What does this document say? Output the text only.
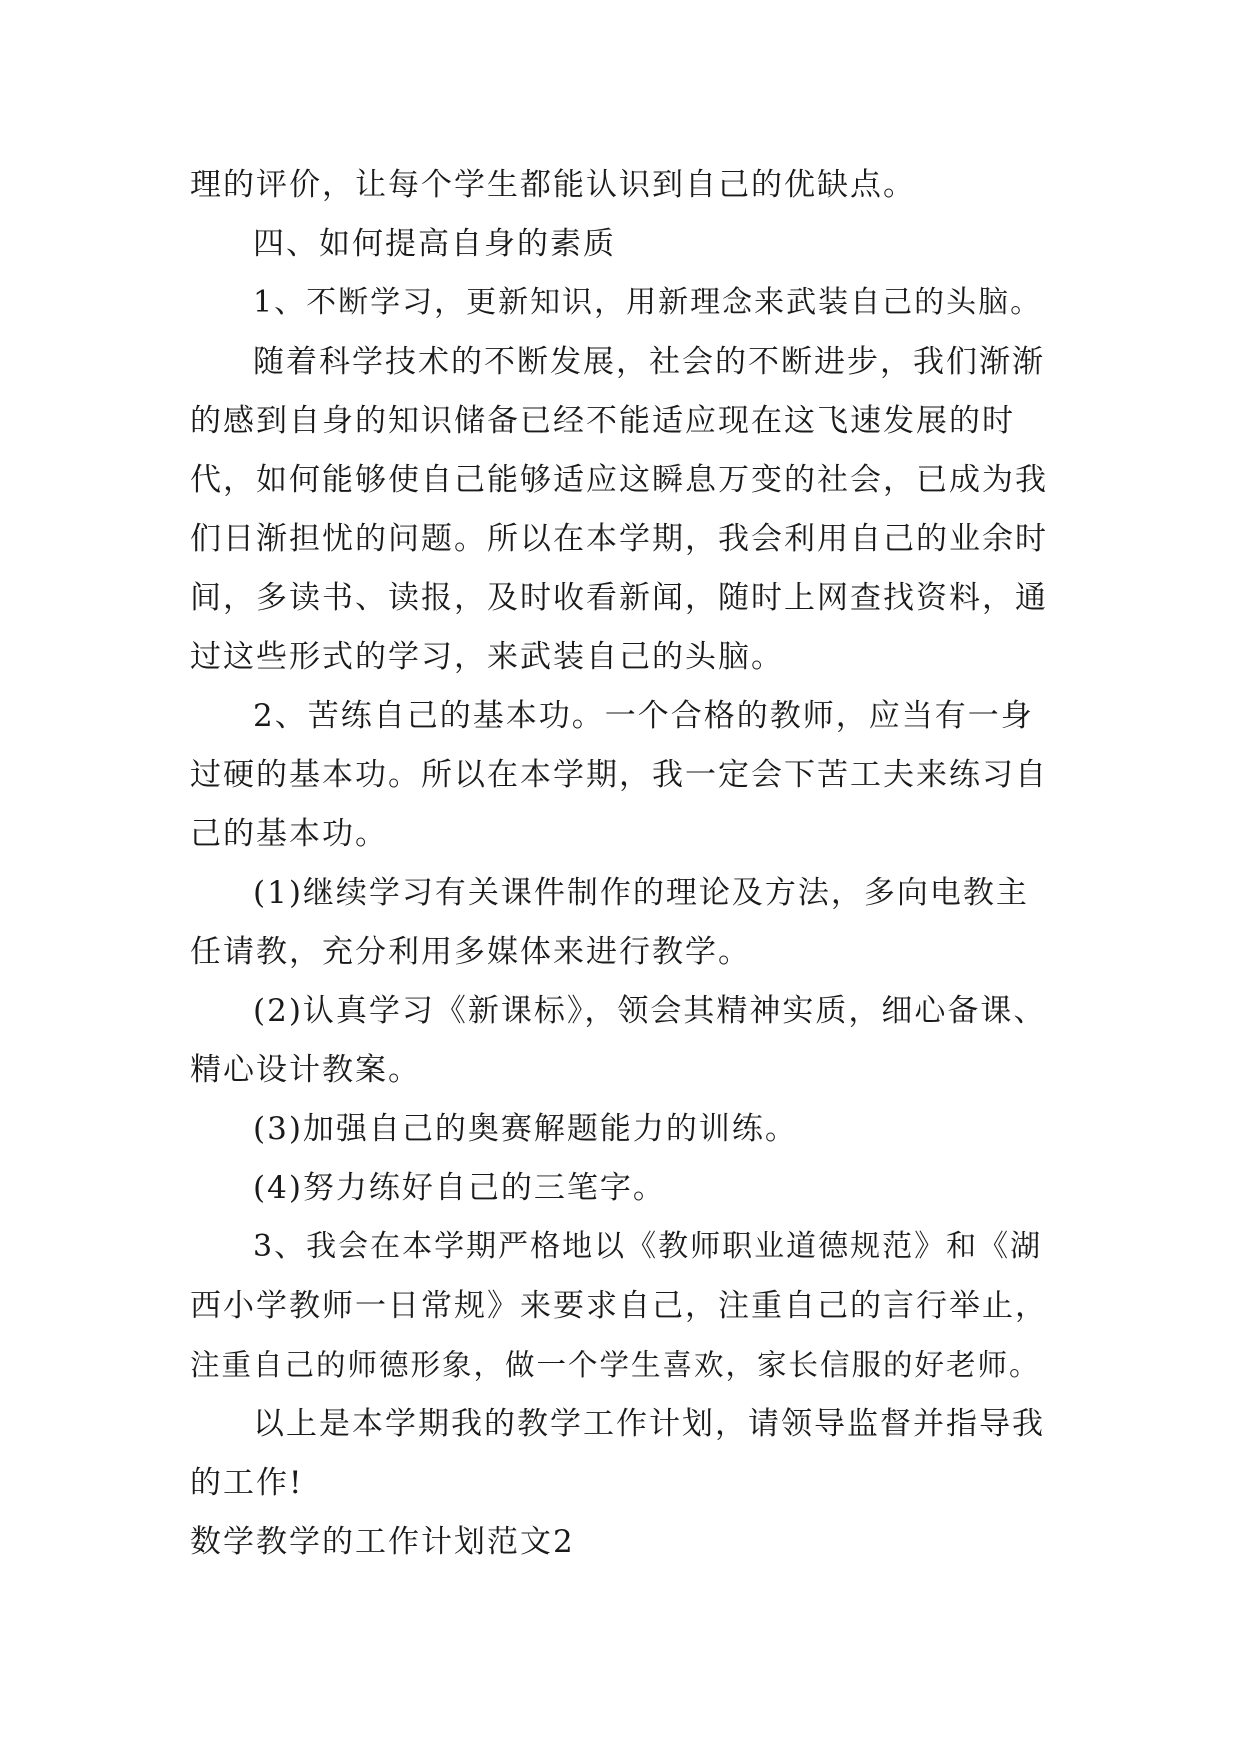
理的评价，让每个学生都能认识到自己的优缺点。
四、如何提高自身的素质
1、不断学习，更新知识，用新理念来武装自己的头脑。
随着科学技术的不断发展，社会的不断进步，我们渐渐
的感到自身的知识储备已经不能适应现在这飞速发展的时
代，如何能够使自己能够适应这瞬息万变的社会，已成为我
们日渐担忧的问题。所以在本学期，我会利用自己的业余时
间，多读书、读报，及时收看新闻，随时上网查找资料，通
过这些形式的学习，来武装自己的头脑。
2、苦练自己的基本功。一个合格的教师，应当有一身
过硬的基本功。所以在本学期，我一定会下苦工夫来练习自
己的基本功。
(1)继续学习有关课件制作的理论及方法，多向电教主
任请教，充分利用多媒体来进行教学。
(2)认真学习《新课标》，领会其精神实质，细心备课、
精心设计教案。
(3)加强自己的奥赛解题能力的训练。
(4)努力练好自己的三笔字。
3、我会在本学期严格地以《教师职业道德规范》和《湖
西小学教师一日常规》来要求自己，注重自己的言行举止，
注重自己的师德形象，做一个学生喜欢，家长信服的好老师。
以上是本学期我的教学工作计划，请领导监督并指导我
的工作!
数学教学的工作计划范文2
